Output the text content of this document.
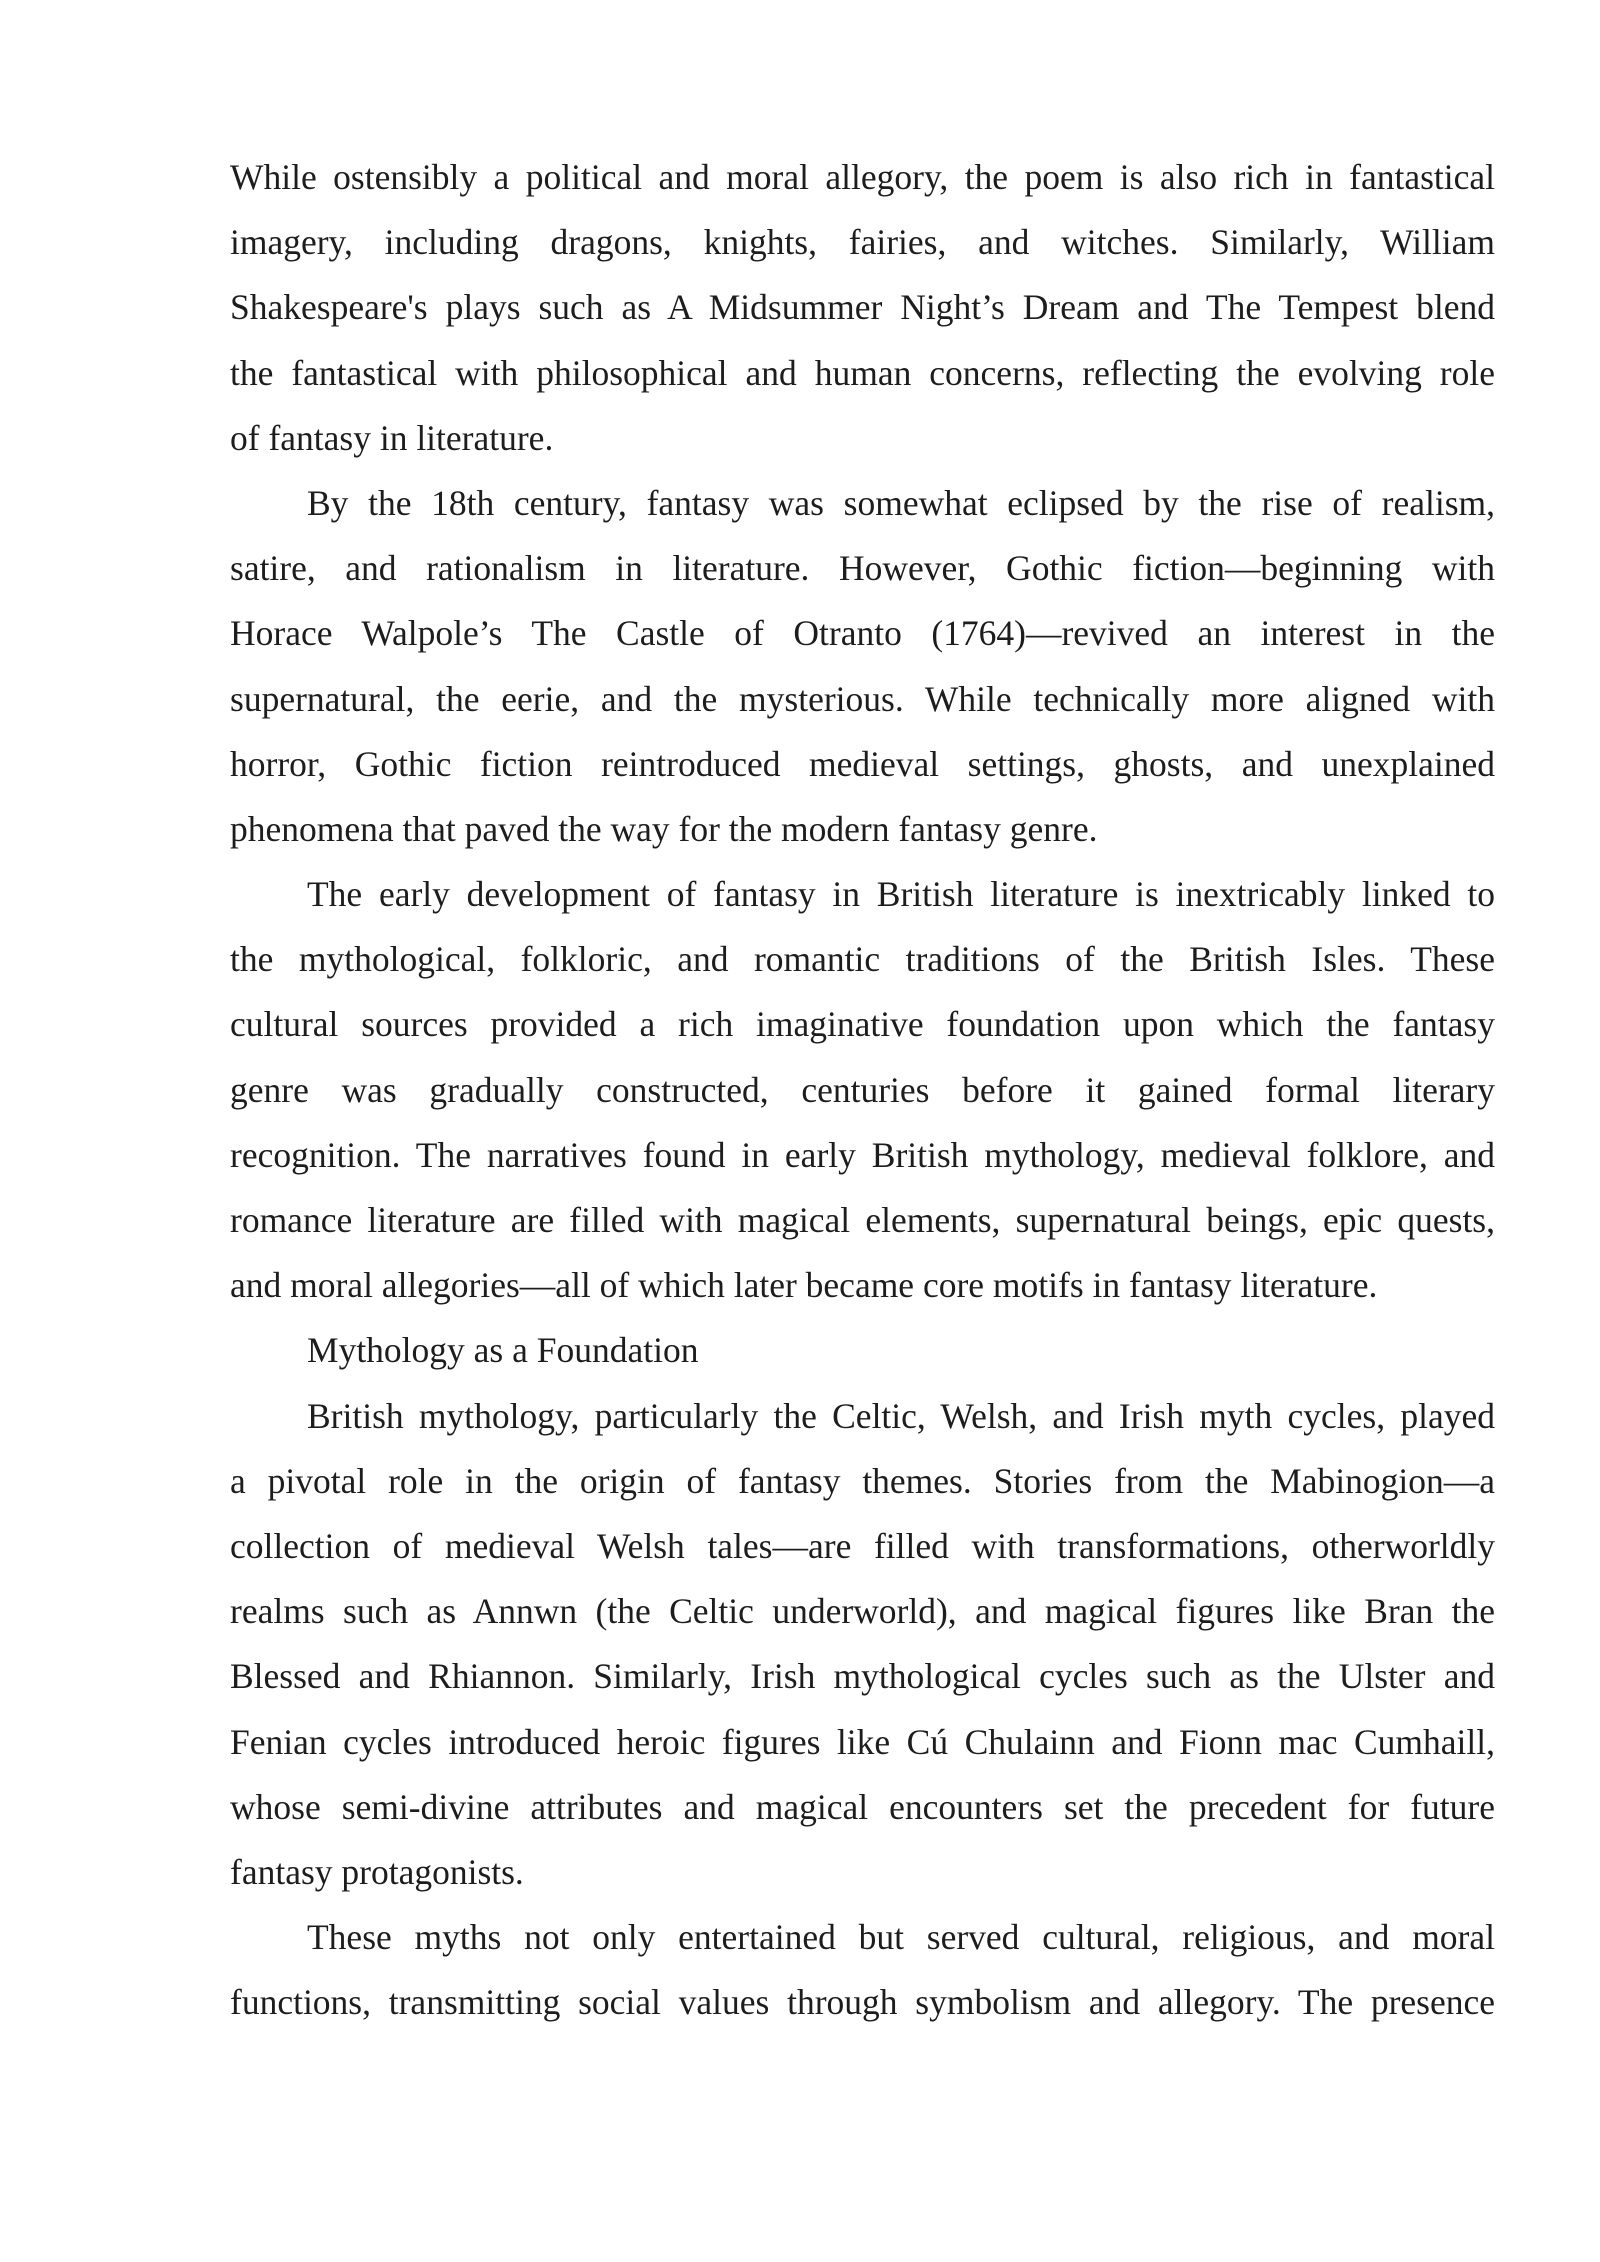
While ostensibly a political and moral allegory, the poem is also rich in fantastical
imagery, including dragons, knights, fairies, and witches. Similarly, William
Shakespeare's plays such as A Midsummer Night’s Dream and The Tempest blend
the fantastical with philosophical and human concerns, reflecting the evolving role
of fantasy in literature.
By the 18th century, fantasy was somewhat eclipsed by the rise of realism,
satire, and rationalism in literature. However, Gothic fiction—beginning with
Horace Walpole’s The Castle of Otranto (1764)—revived an interest in the
supernatural, the eerie, and the mysterious. While technically more aligned with
horror, Gothic fiction reintroduced medieval settings, ghosts, and unexplained
phenomena that paved the way for the modern fantasy genre.
The early development of fantasy in British literature is inextricably linked to
the mythological, folkloric, and romantic traditions of the British Isles. These
cultural sources provided a rich imaginative foundation upon which the fantasy
genre was gradually constructed, centuries before it gained formal literary
recognition. The narratives found in early British mythology, medieval folklore, and
romance literature are filled with magical elements, supernatural beings, epic quests,
and moral allegories—all of which later became core motifs in fantasy literature.
Mythology as a Foundation
British mythology, particularly the Celtic, Welsh, and Irish myth cycles, played
a pivotal role in the origin of fantasy themes. Stories from the Mabinogion—a
collection of medieval Welsh tales—are filled with transformations, otherworldly
realms such as Annwn (the Celtic underworld), and magical figures like Bran the
Blessed and Rhiannon. Similarly, Irish mythological cycles such as the Ulster and
Fenian cycles introduced heroic figures like Cú Chulainn and Fionn mac Cumhaill,
whose semi-divine attributes and magical encounters set the precedent for future
fantasy protagonists.
These myths not only entertained but served cultural, religious, and moral
functions, transmitting social values through symbolism and allegory. The presence
